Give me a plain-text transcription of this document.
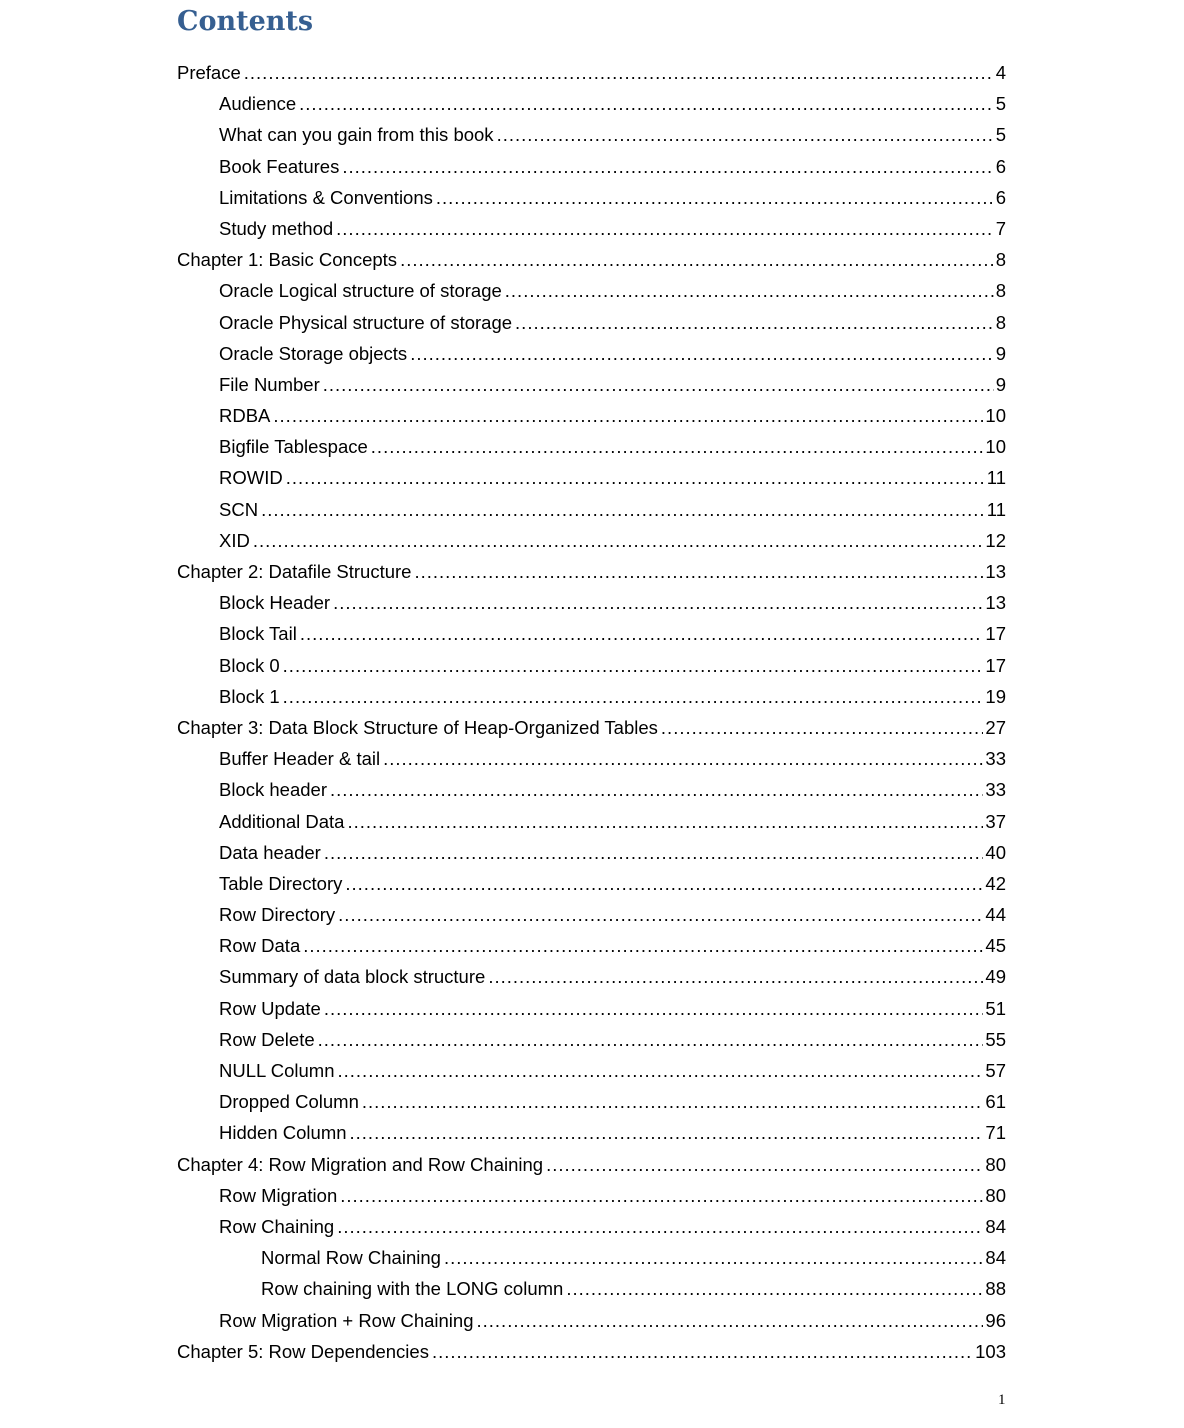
Contents
Preface .....	4
Audience .....	5
What can you gain from this book .....	5
Book Features .....	6
Limitations & Conventions .....	6
Study method .....	7
Chapter 1: Basic Concepts .....	8
Oracle Logical structure of storage .....	8
Oracle Physical structure of storage .....	8
Oracle Storage objects .....	9
File Number .....	9
RDBA .....	10
Bigfile Tablespace .....	10
ROWID .....	11
SCN .....	11
XID .....	12
Chapter 2: Datafile Structure .....	13
Block Header .....	13
Block Tail .....	17
Block 0 .....	17
Block 1 .....	19
Chapter 3: Data Block Structure of Heap-Organized Tables .....	27
Buffer Header & tail .....	33
Block header .....	33
Additional Data .....	37
Data header .....	40
Table Directory .....	42
Row Directory .....	44
Row Data .....	45
Summary of data block structure .....	49
Row Update .....	51
Row Delete .....	55
NULL Column .....	57
Dropped Column .....	61
Hidden Column .....	71
Chapter 4: Row Migration and Row Chaining .....	80
Row Migration .....	80
Row Chaining .....	84
Normal Row Chaining .....	84
Row chaining with the LONG column .....	88
Row Migration + Row Chaining .....	96
Chapter 5: Row Dependencies .....	103
1
